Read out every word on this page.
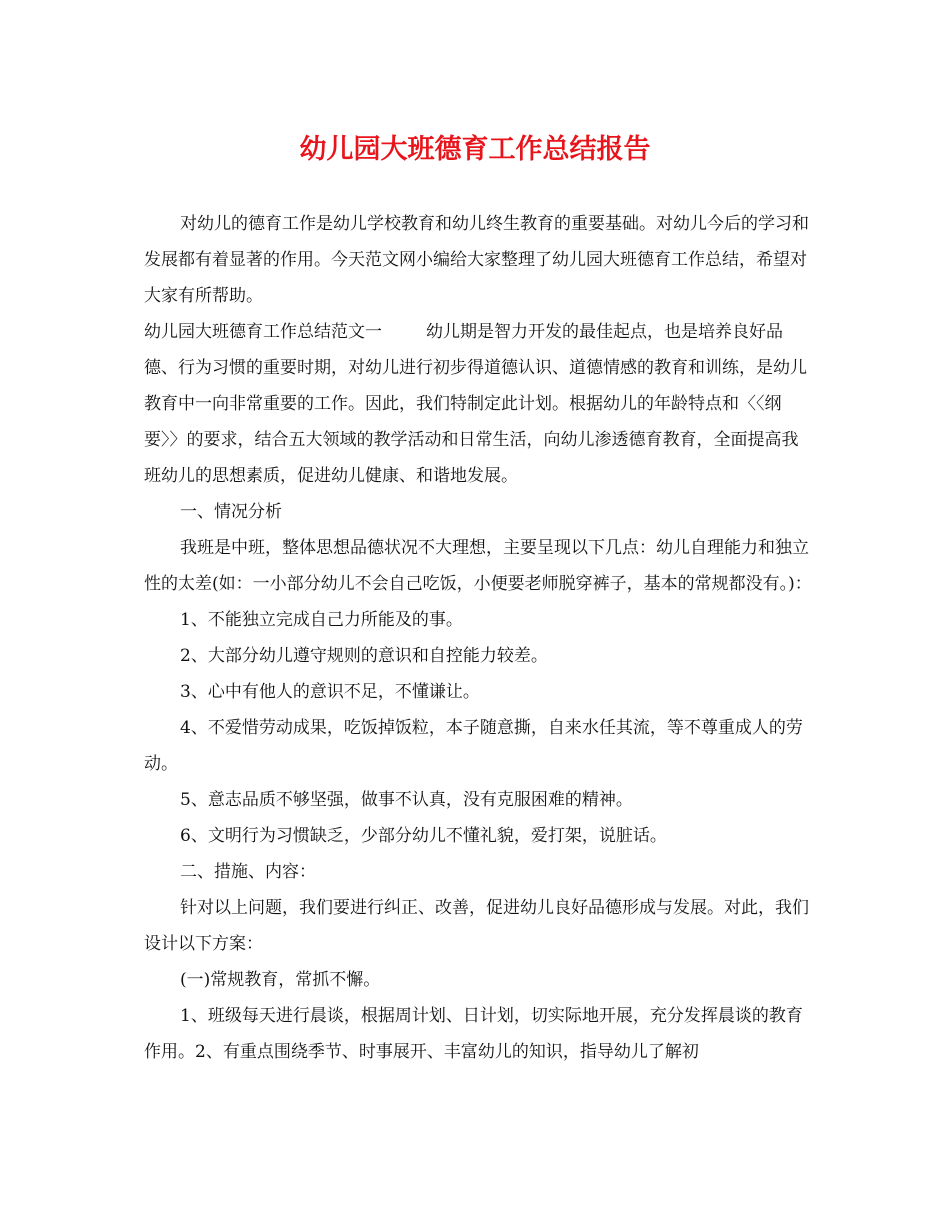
幼儿园大班德育工作总结报告

对幼儿的德育工作是幼儿学校教育和幼儿终生教育的重要基础。对幼儿今后的学习和发展都有着显著的作用。今天范文网小编给大家整理了幼儿园大班德育工作总结，希望对大家有所帮助。

幼儿园大班德育工作总结范文一	幼儿期是智力开发的最佳起点，也是培养良好品德、行为习惯的重要时期，对幼儿进行初步得道德认识、道德情感的教育和训练，是幼儿教育中一向非常重要的工作。因此，我们特制定此计划。根据幼儿的年龄特点和〈〈纲要〉〉的要求，结合五大领域的教学活动和日常生活，向幼儿渗透德育教育，全面提高我班幼儿的思想素质，促进幼儿健康、和谐地发展。

一、情况分析

我班是中班，整体思想品德状况不大理想，主要呈现以下几点：幼儿自理能力和独立性的太差(如：一小部分幼儿不会自己吃饭，小便要老师脱穿裤子，基本的常规都没有。)：

1、不能独立完成自己力所能及的事。

2、大部分幼儿遵守规则的意识和自控能力较差。

3、心中有他人的意识不足，不懂谦让。

4、不爱惜劳动成果，吃饭掉饭粒，本子随意撕，自来水任其流，等不尊重成人的劳动。

5、意志品质不够坚强，做事不认真，没有克服困难的精神。

6、文明行为习惯缺乏，少部分幼儿不懂礼貌，爱打架，说脏话。

二、措施、内容：

针对以上问题，我们要进行纠正、改善，促进幼儿良好品德形成与发展。对此，我们设计以下方案：

(一)常规教育，常抓不懈。

1、班级每天进行晨谈，根据周计划、日计划，切实际地开展，充分发挥晨谈的教育作用。2、有重点围绕季节、时事展开、丰富幼儿的知识，指导幼儿了解初
